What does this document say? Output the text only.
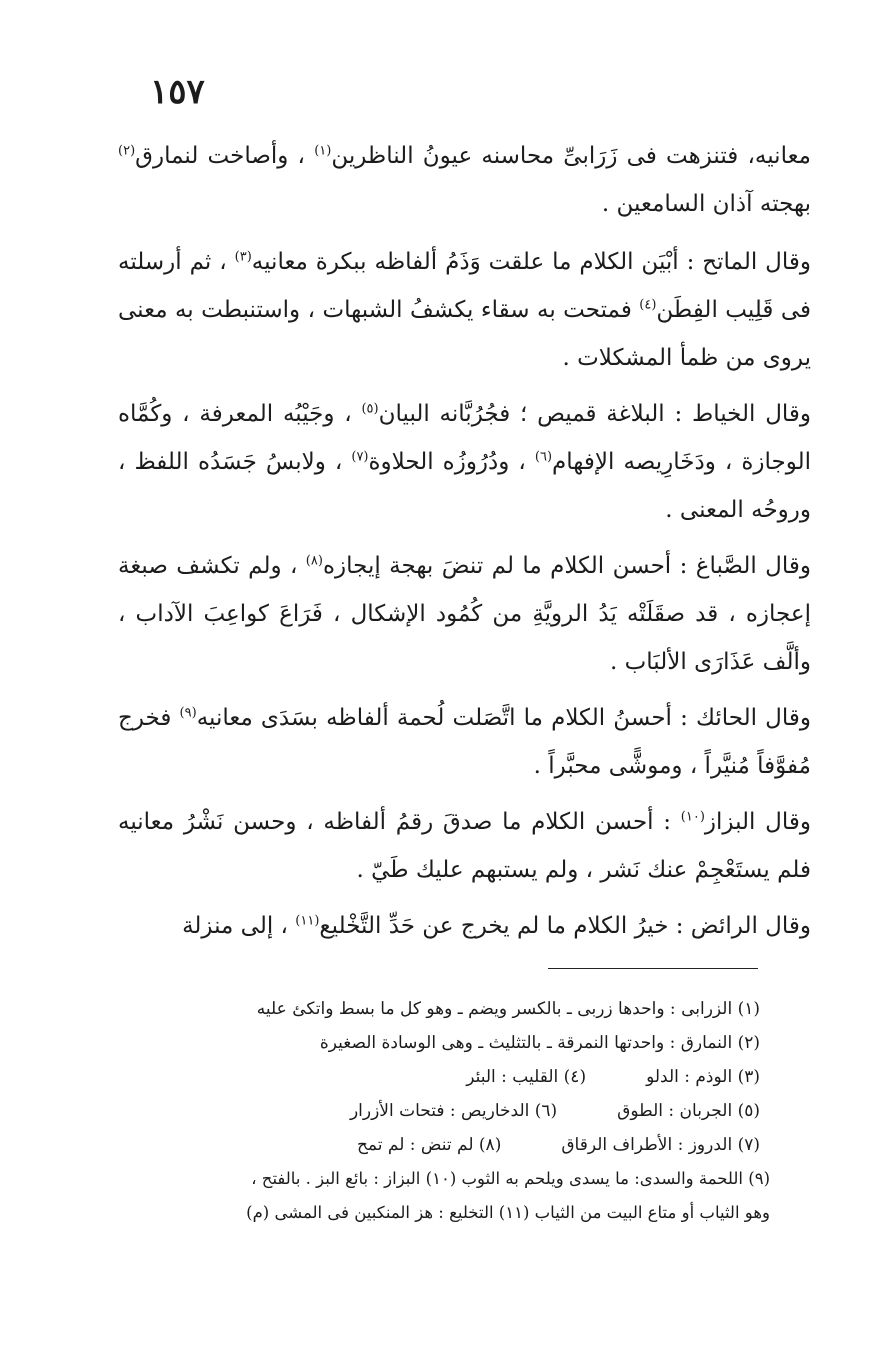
١٥٧

معانيه، فتنزهت فى زَرَابىِّ محاسنه عيونُ الناظرين$^{(١)}$ ، وأصاخت لنمارق$^{(٢)}$ بهجته آذان السامعين .

وقال الماتح : أبْيَن الكلام ما علقت وَذَمُ ألفاظه ببكرة معانيه$^{(٣)}$ ، ثم أرسلته فى قَلِيب الفِطَن$^{(٤)}$ فمتحت به سقاء يكشفُ الشبهات ، واستنبطت به معنى يروى من ظمأ المشكلات .

وقال الخياط : البلاغة قميص ؛ فجُرُبَّانه البيان$^{(٥)}$ ، وجَيْبُه المعرفة ، وكُمَّاه الوجازة ، ودَخَارِيصه الإفهام$^{(٦)}$ ، ودُرُوزُه الحلاوة$^{(٧)}$ ، ولابسُ جَسَدُه اللفظ ، وروحُه المعنى .

وقال الصَّباغ : أحسن الكلام ما لم تنضَ بهجة إيجازه$^{(٨)}$ ، ولم تكشف صبغة إعجازه ، قد صقَلَتْه يَدُ الرويَّةِ من كُمُود الإشكال ، فَرَاعَ كواعِبَ الآداب ، وألَّف عَذَارَى الألبَاب .

وقال الحائك : أحسنُ الكلام ما اتَّصَلت لُحمة ألفاظه بسَدَى معانيه$^{(٩)}$ فخرج مُفوَّفاً مُنيَّراً ، وموشًّى محبَّراً .

وقال البزاز$^{(١٠)}$ : أحسن الكلام ما صدقَ رقمُ ألفاظه ، وحسن نَشْرُ معانيه فلم يستَعْجِمْ عنك نَشر ، ولم يستبهم عليك طَيّ .

وقال الرائض : خيرُ الكلام ما لم يخرج عن حَدِّ التَّخْليع$^{(١١)}$ ، إلى منزلة

(١) الزرابى : واحدها زربى ـ بالكسر ويضم ـ وهو كل ما بسط واتكئ عليه
(٢) النمارق : واحدتها النمرقة ـ بالتثليث ـ وهى الوسادة الصغيرة
(٣) الوذم : الدلو(٤) القليب : البئر
(٥) الجربان : الطوق(٦) الدخاريص : فتحات الأزرار
(٧) الدروز : الأطراف الرقاق(٨) لم تنض : لم تمح
(٩) اللحمة والسدى: ما يسدى ويلحم به الثوب (١٠) البزاز : بائع البز . بالفتح ،
وهو الثياب أو متاع البيت من الثياب (١١) التخليع : هز المنكبين فى المشى (م)
